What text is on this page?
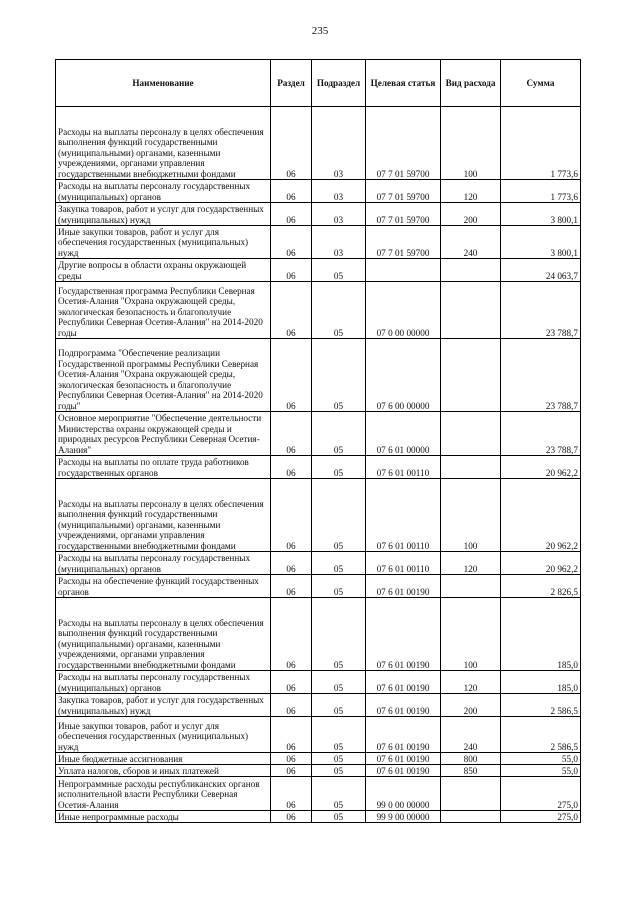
235
Наименование	Раздел	Подраздел	Целевая статья	Вид расхода	Сумма
Расходы на выплаты персоналу в целях обеспечения выполнения функций государственными (муниципальными) органами, казенными учреждениями, органами управления государственными внебюджетными фондами	06	03	07 7 01 59700	100	1 773,6
Расходы на выплаты персоналу государственных (муниципальных) органов	06	03	07 7 01 59700	120	1 773,6
Закупка товаров, работ и услуг для государственных (муниципальных) нужд	06	03	07 7 01 59700	200	3 800,1
Иные закупки товаров, работ и услуг для обеспечения государственных (муниципальных) нужд	06	03	07 7 01 59700	240	3 800,1
Другие вопросы в области охраны окружающей среды	06	05			24 063,7
Государственная программа Республики Северная Осетия-Алания "Охрана окружающей среды, экологическая безопасность и благополучие Республики Северная Осетия-Алания" на 2014-2020 годы	06	05	07 0 00 00000		23 788,7
Подпрограмма "Обеспечение реализации Государственной программы Республики Северная Осетия-Алания "Охрана окружающей среды, экологическая безопасность и благополучие Республики Северная Осетия-Алания" на 2014-2020 годы"	06	05	07 6 00 00000		23 788,7
Основное мероприятие "Обеспечение деятельности Министерства охраны окружающей среды и природных ресурсов Республики Северная Осетия-Алания"	06	05	07 6 01 00000		23 788,7
Расходы на выплаты по оплате труда работников государственных органов	06	05	07 6 01 00110		20 962,2
Расходы на выплаты персоналу в целях обеспечения выполнения функций государственными (муниципальными) органами, казенными учреждениями, органами управления государственными внебюджетными фондами	06	05	07 6 01 00110	100	20 962,2
Расходы на выплаты персоналу государственных (муниципальных) органов	06	05	07 6 01 00110	120	20 962,2
Расходы на обеспечение функций государственных органов	06	05	07 6 01 00190		2 826,5
Расходы на выплаты персоналу в целях обеспечения выполнения функций государственными (муниципальными) органами, казенными учреждениями, органами управления государственными внебюджетными фондами	06	05	07 6 01 00190	100	185,0
Расходы на выплаты персоналу государственных (муниципальных) органов	06	05	07 6 01 00190	120	185,0
Закупка товаров, работ и услуг для государственных (муниципальных) нужд	06	05	07 6 01 00190	200	2 586,5
Иные закупки товаров, работ и услуг для обеспечения государственных (муниципальных) нужд	06	05	07 6 01 00190	240	2 586,5
Иные бюджетные ассигнования	06	05	07 6 01 00190	800	55,0
Уплата налогов, сборов и иных платежей	06	05	07 6 01 00190	850	55,0
Непрограммные расходы республиканских органов исполнительной власти Республики Северная Осетия-Алания	06	05	99 0 00 00000		275,0
Иные непрограммные расходы	06	05	99 9 00 00000		275,0
